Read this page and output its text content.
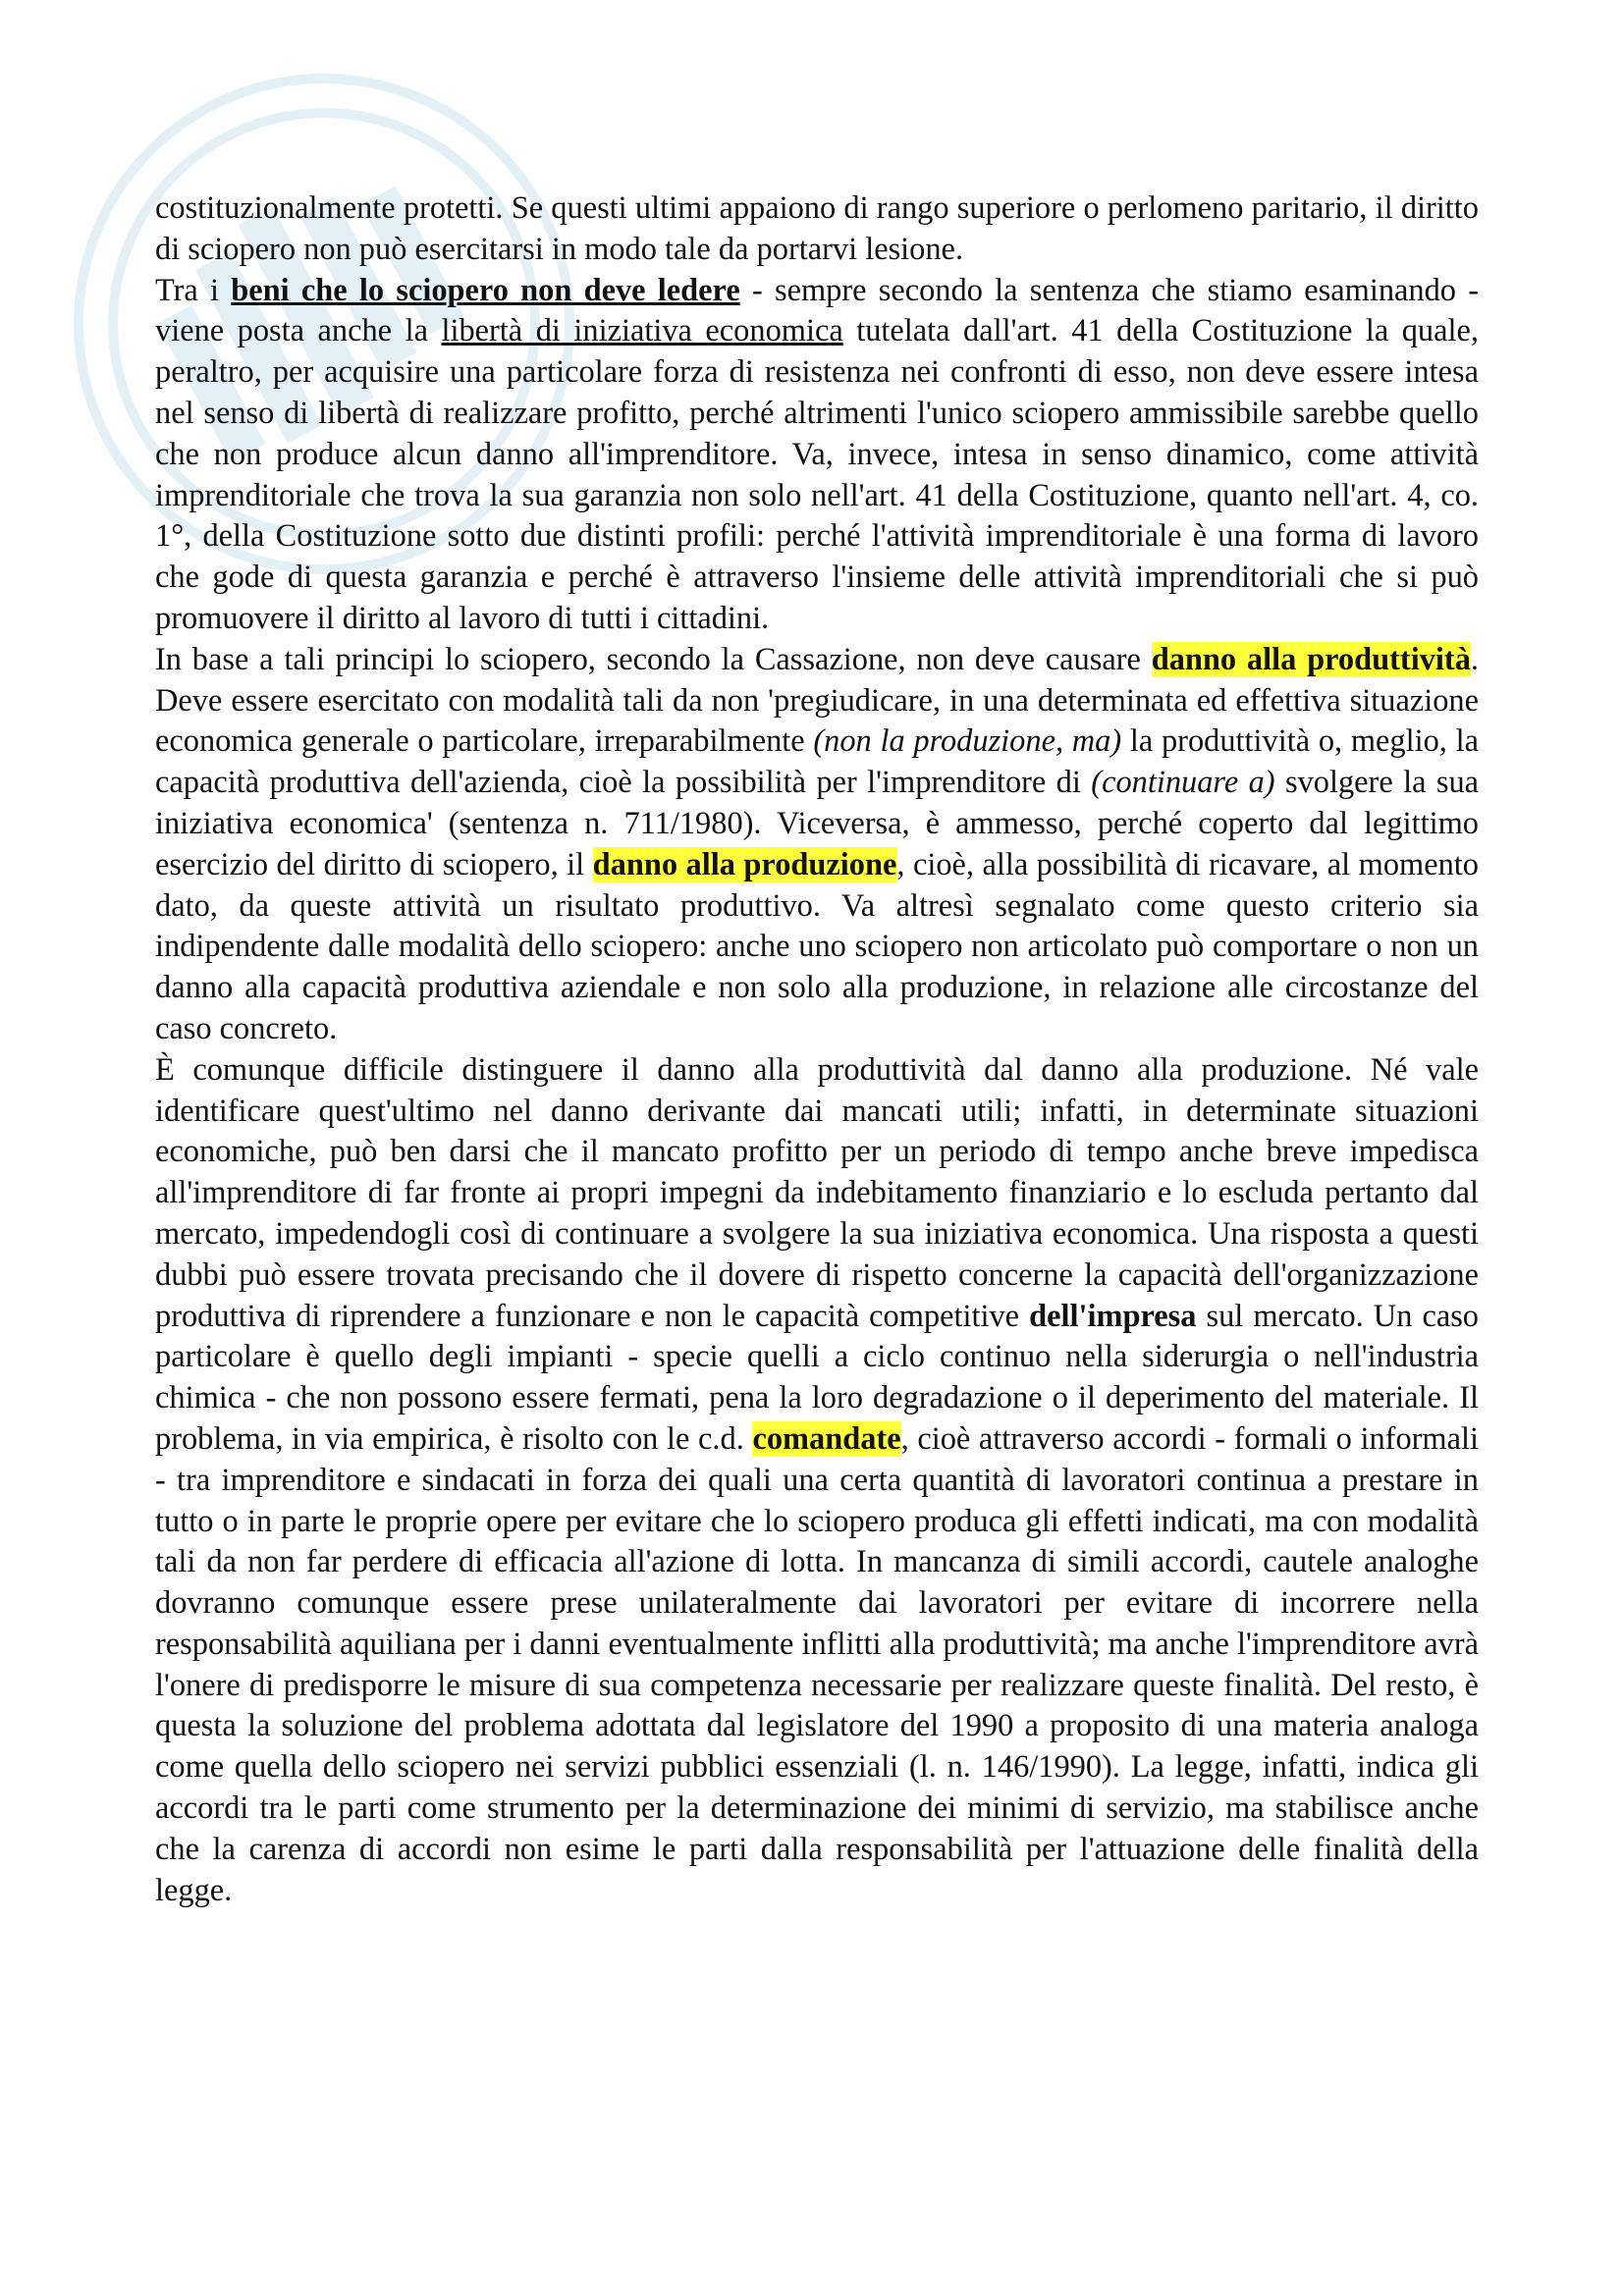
costituzionalmente protetti. Se questi ultimi appaiono di rango superiore o perlomeno paritario, il diritto di sciopero non può esercitarsi in modo tale da portarvi lesione.

Tra i beni che lo sciopero non deve ledere - sempre secondo la sentenza che stiamo esaminando - viene posta anche la libertà di iniziativa economica tutelata dall'art. 41 della Costituzione la quale, peraltro, per acquisire una particolare forza di resistenza nei confronti di esso, non deve essere intesa nel senso di libertà di realizzare profitto, perché altrimenti l'unico sciopero ammissibile sarebbe quello che non produce alcun danno all'imprenditore. Va, invece, intesa in senso dinamico, come attività imprenditoriale che trova la sua garanzia non solo nell'art. 41 della Costituzione, quanto nell'art. 4, co. 1°, della Costituzione sotto due distinti profili: perché l'attività imprenditoriale è una forma di lavoro che gode di questa garanzia e perché è attraverso l'insieme delle attività imprenditoriali che si può promuovere il diritto al lavoro di tutti i cittadini.

In base a tali principi lo sciopero, secondo la Cassazione, non deve causare danno alla produttività. Deve essere esercitato con modalità tali da non 'pregiudicare, in una determinata ed effettiva situazione economica generale o particolare, irreparabilmente (non la produzione, ma) la produttività o, meglio, la capacità produttiva dell'azienda, cioè la possibilità per l'imprenditore di (continuare a) svolgere la sua iniziativa economica' (sentenza n. 711/1980). Viceversa, è ammesso, perché coperto dal legittimo esercizio del diritto di sciopero, il danno alla produzione, cioè, alla possibilità di ricavare, al momento dato, da queste attività un risultato produttivo. Va altresì segnalato come questo criterio sia indipendente dalle modalità dello sciopero: anche uno sciopero non articolato può comportare o non un danno alla capacità produttiva aziendale e non solo alla produzione, in relazione alle circostanze del caso concreto.

È comunque difficile distinguere il danno alla produttività dal danno alla produzione. Né vale identificare quest'ultimo nel danno derivante dai mancati utili; infatti, in determinate situazioni economiche, può ben darsi che il mancato profitto per un periodo di tempo anche breve impedisca all'imprenditore di far fronte ai propri impegni da indebitamento finanziario e lo escluda pertanto dal mercato, impedendogli così di continuare a svolgere la sua iniziativa economica. Una risposta a questi dubbi può essere trovata precisando che il dovere di rispetto concerne la capacità dell'organizzazione produttiva di riprendere a funzionare e non le capacità competitive dell'impresa sul mercato. Un caso particolare è quello degli impianti - specie quelli a ciclo continuo nella siderurgia o nell'industria chimica - che non possono essere fermati, pena la loro degradazione o il deperimento del materiale. Il problema, in via empirica, è risolto con le c.d. comandate, cioè attraverso accordi - formali o informali - tra imprenditore e sindacati in forza dei quali una certa quantità di lavoratori continua a prestare in tutto o in parte le proprie opere per evitare che lo sciopero produca gli effetti indicati, ma con modalità tali da non far perdere di efficacia all'azione di lotta. In mancanza di simili accordi, cautele analoghe dovranno comunque essere prese unilateralmente dai lavoratori per evitare di incorrere nella responsabilità aquiliana per i danni eventualmente inflitti alla produttività; ma anche l'imprenditore avrà l'onere di predisporre le misure di sua competenza necessarie per realizzare queste finalità. Del resto, è questa la soluzione del problema adottata dal legislatore del 1990 a proposito di una materia analoga come quella dello sciopero nei servizi pubblici essenziali (l. n. 146/1990). La legge, infatti, indica gli accordi tra le parti come strumento per la determinazione dei minimi di servizio, ma stabilisce anche che la carenza di accordi non esime le parti dalla responsabilità per l'attuazione delle finalità della legge.
